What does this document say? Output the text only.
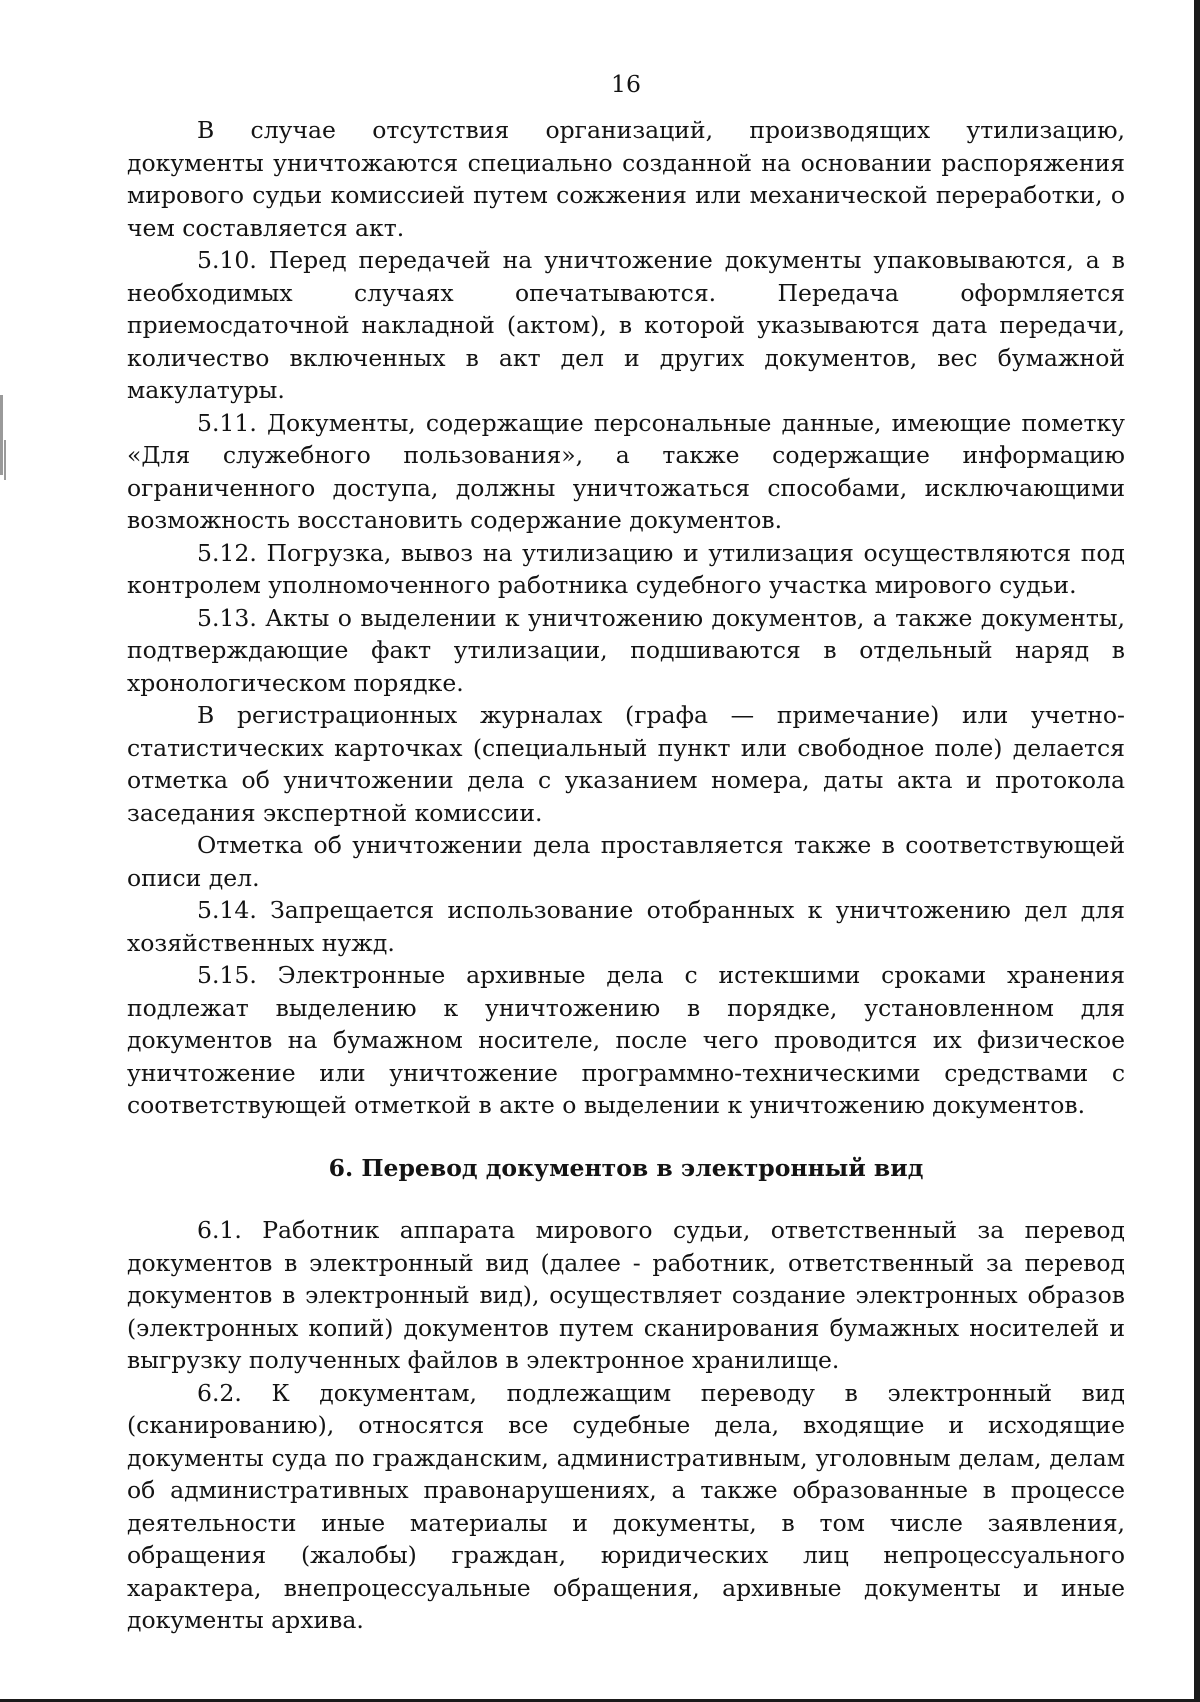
16

В случае отсутствия организаций, производящих утилизацию, документы уничтожаются специально созданной на основании распоряжения мирового судьи комиссией путем сожжения или механической переработки, о чем составляется акт.

5.10. Перед передачей на уничтожение документы упаковываются, а в необходимых случаях опечатываются. Передача оформляется приемосдаточной накладной (актом), в которой указываются дата передачи, количество включенных в акт дел и других документов, вес бумажной макулатуры.

5.11. Документы, содержащие персональные данные, имеющие пометку «Для служебного пользования», а также содержащие информацию ограниченного доступа, должны уничтожаться способами, исключающими возможность восстановить содержание документов.

5.12. Погрузка, вывоз на утилизацию и утилизация осуществляются под контролем уполномоченного работника судебного участка мирового судьи.

5.13. Акты о выделении к уничтожению документов, а также документы, подтверждающие факт утилизации, подшиваются в отдельный наряд в хронологическом порядке.

В регистрационных журналах (графа — примечание) или учетно-статистических карточках (специальный пункт или свободное поле) делается отметка об уничтожении дела с указанием номера, даты акта и протокола заседания экспертной комиссии.

Отметка об уничтожении дела проставляется также в соответствующей описи дел.

5.14. Запрещается использование отобранных к уничтожению дел для хозяйственных нужд.

5.15. Электронные архивные дела с истекшими сроками хранения подлежат выделению к уничтожению в порядке, установленном для документов на бумажном носителе, после чего проводится их физическое уничтожение или уничтожение программно-техническими средствами с соответствующей отметкой в акте о выделении к уничтожению документов.

6. Перевод документов в электронный вид

6.1. Работник аппарата мирового судьи, ответственный за перевод документов в электронный вид (далее - работник, ответственный за перевод документов в электронный вид), осуществляет создание электронных образов (электронных копий) документов путем сканирования бумажных носителей и выгрузку полученных файлов в электронное хранилище.

6.2. К документам, подлежащим переводу в электронный вид (сканированию), относятся все судебные дела, входящие и исходящие документы суда по гражданским, административным, уголовным делам, делам об административных правонарушениях, а также образованные в процессе деятельности иные материалы и документы, в том числе заявления, обращения (жалобы) граждан, юридических лиц непроцессуального характера, внепроцессуальные обращения, архивные документы и иные документы архива.
